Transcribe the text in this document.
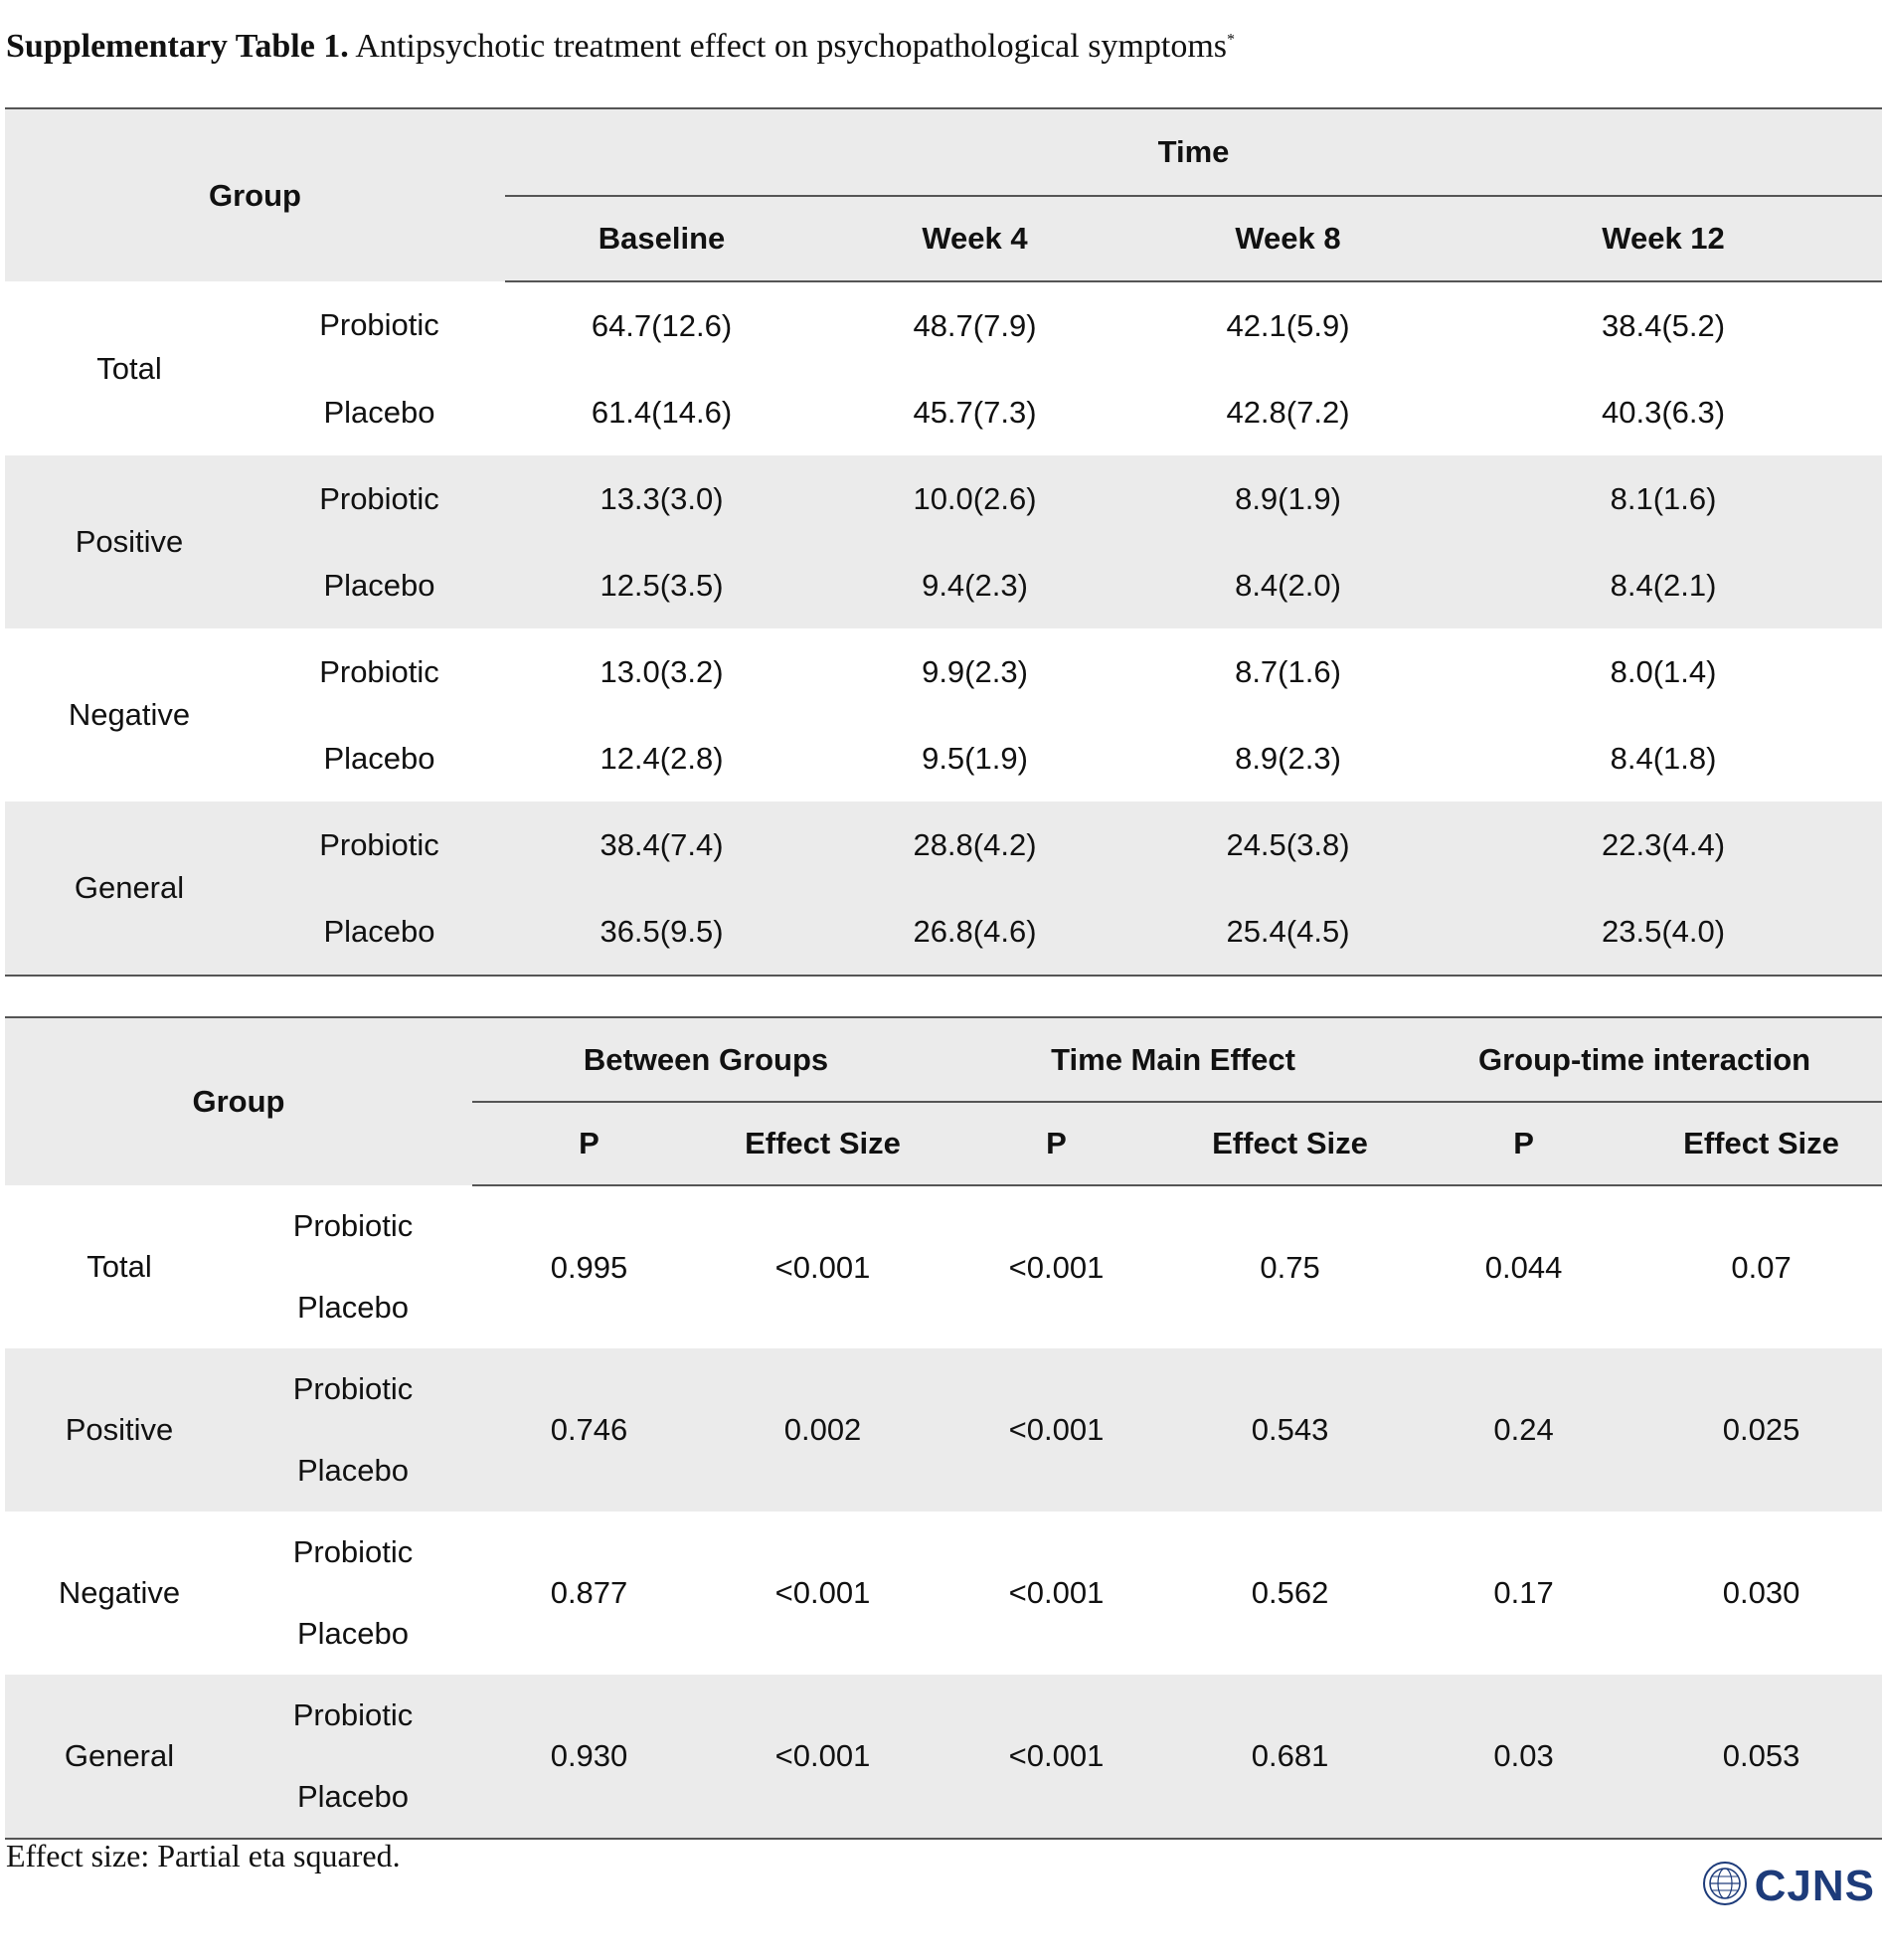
Supplementary Table 1. Antipsychotic treatment effect on psychopathological symptoms*
Group		Time			
		Baseline	Week 4	Week 8	Week 12
Total	Probiotic	64.7(12.6)	48.7(7.9)	42.1(5.9)	38.4(5.2)
	Placebo	61.4(14.6)	45.7(7.3)	42.8(7.2)	40.3(6.3)
Positive	Probiotic	13.3(3.0)	10.0(2.6)	8.9(1.9)	8.1(1.6)
	Placebo	12.5(3.5)	9.4(2.3)	8.4(2.0)	8.4(2.1)
Negative	Probiotic	13.0(3.2)	9.9(2.3)	8.7(1.6)	8.0(1.4)
	Placebo	12.4(2.8)	9.5(1.9)	8.9(2.3)	8.4(1.8)
General	Probiotic	38.4(7.4)	28.8(4.2)	24.5(3.8)	22.3(4.4)
	Placebo	36.5(9.5)	26.8(4.6)	25.4(4.5)	23.5(4.0)
Group		Between Groups		Time Main Effect		Group-time interaction	
		P	Effect Size	P	Effect Size	P	Effect Size
Total	Probiotic	0.995	<0.001	<0.001	0.75	0.044	0.07
	Placebo						
Positive	Probiotic	0.746	0.002	<0.001	0.543	0.24	0.025
	Placebo						
Negative	Probiotic	0.877	<0.001	<0.001	0.562	0.17	0.030
	Placebo						
General	Probiotic	0.930	<0.001	<0.001	0.681	0.03	0.053
	Placebo						
Effect size: Partial eta squared.
CJNS
